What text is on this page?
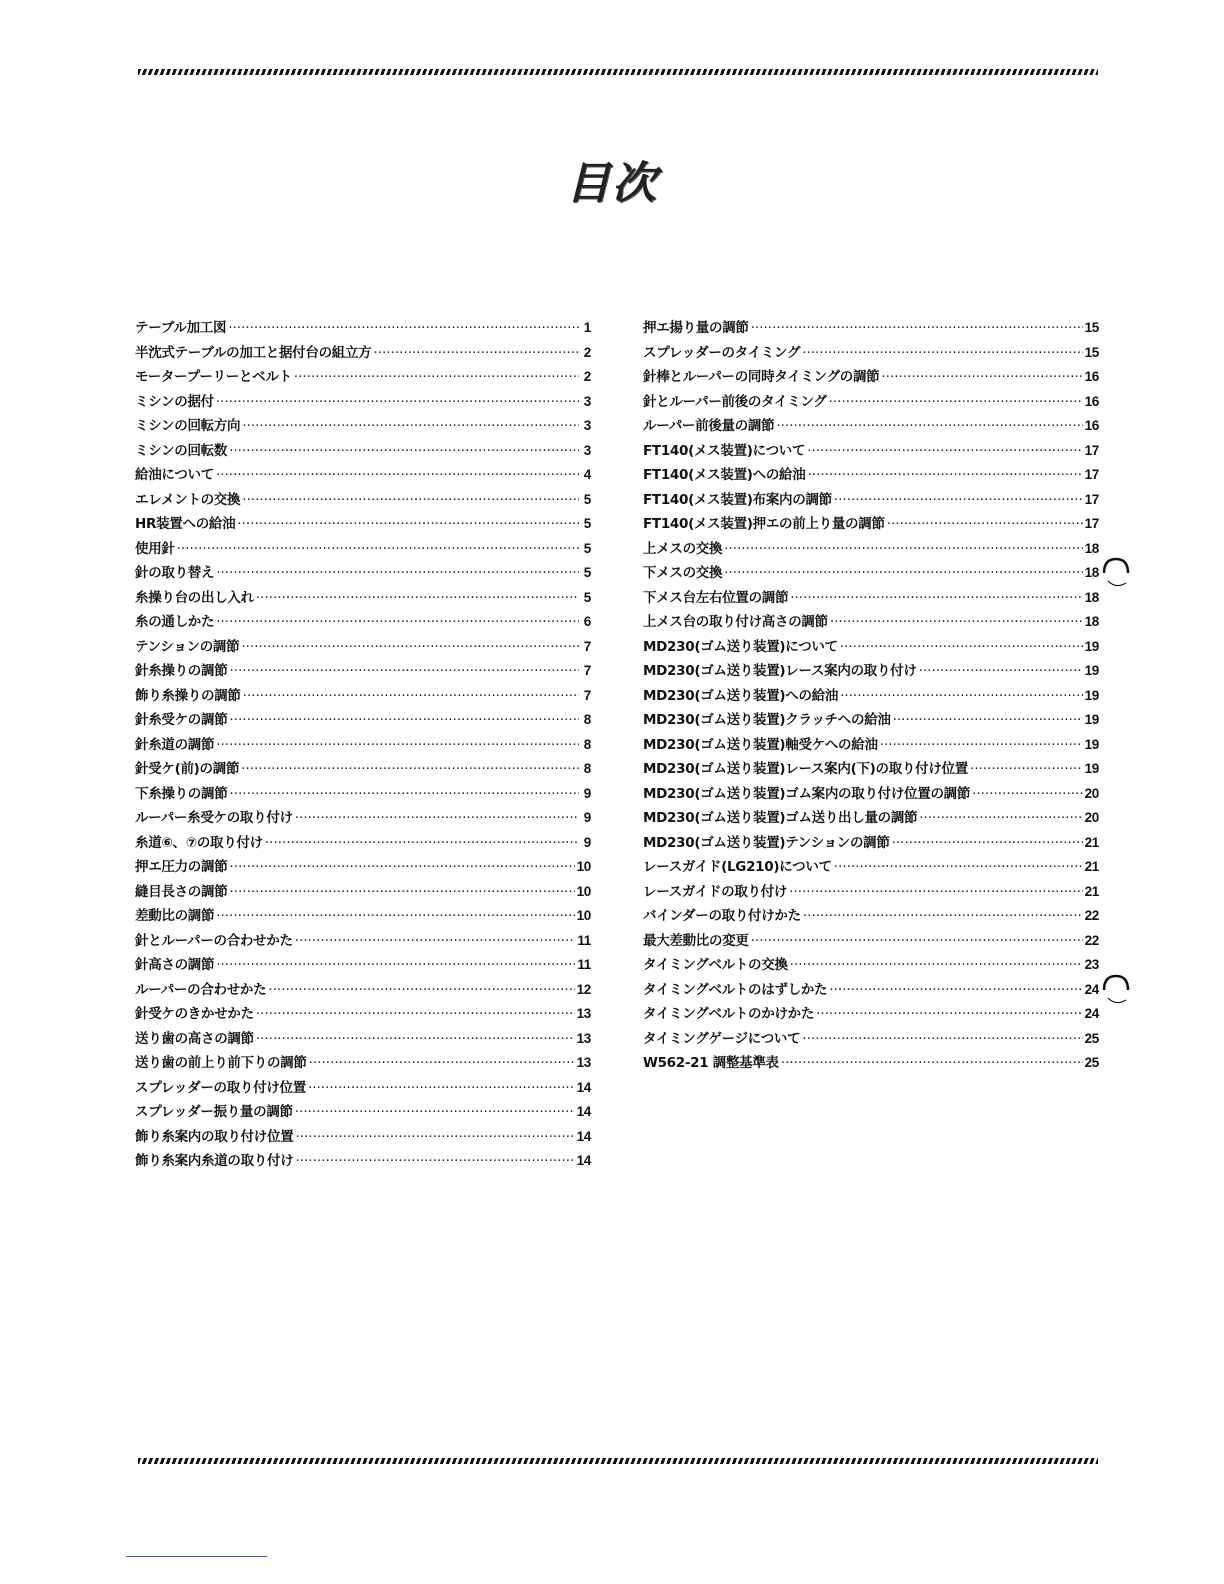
目次
テーブル加工図 ·····	1
半沈式テーブルの加工と据付台の組立方 ·····	2
モータープーリーとベルト ·····	2
ミシンの据付 ·····	3
ミシンの回転方向 ·····	3
ミシンの回転数 ·····	3
給油について ·····	4
エレメントの交換 ·····	5
HR装置への給油 ·····	5
使用針 ·····	5
針の取り替え ·····	5
糸操り台の出し入れ ·····	5
糸の通しかた ·····	6
テンションの調節 ·····	7
針糸操りの調節 ·····	7
飾り糸操りの調節 ·····	7
針糸受ケの調節 ·····	8
針糸道の調節 ·····	8
針受ケ(前)の調節 ·····	8
下糸操りの調節 ·····	9
ルーパー糸受ケの取り付け ·····	9
糸道⑥、⑦の取り付け ·····	9
押エ圧力の調節 ·····	10
縫目長さの調節 ·····	10
差動比の調節 ·····	10
針とルーパーの合わせかた ·····	11
針高さの調節 ·····	11
ルーパーの合わせかた ·····	12
針受ケのきかせかた ·····	13
送り歯の高さの調節 ·····	13
送り歯の前上り前下りの調節 ·····	13
スプレッダーの取り付け位置 ·····	14
スプレッダー振り量の調節 ·····	14
飾り糸案内の取り付け位置 ·····	14
飾り糸案内糸道の取り付け ·····	14
押エ揚り量の調節 ·····	15
スプレッダーのタイミング ·····	15
針棒とルーパーの同時タイミングの調節 ·····	16
針とルーパー前後のタイミング ·····	16
ルーパー前後量の調節 ·····	16
FT140(メス装置)について ·····	17
FT140(メス装置)への給油 ·····	17
FT140(メス装置)布案内の調節 ·····	17
FT140(メス装置)押エの前上り量の調節 ·····	17
上メスの交換 ·····	18
下メスの交換 ·····	18
下メス台左右位置の調節 ·····	18
上メス台の取り付け高さの調節 ·····	18
MD230(ゴム送り装置)について ·····	19
MD230(ゴム送り装置)レース案内の取り付け ·····	19
MD230(ゴム送り装置)への給油 ·····	19
MD230(ゴム送り装置)クラッチへの給油 ·····	19
MD230(ゴム送り装置)軸受ケへの給油 ·····	19
MD230(ゴム送り装置)レース案内(下)の取り付け位置 ·····	19
MD230(ゴム送り装置)ゴム案内の取り付け位置の調節 ·····	20
MD230(ゴム送り装置)ゴム送り出し量の調節 ·····	20
MD230(ゴム送り装置)テンションの調節 ·····	21
レースガイド(LG210)について ·····	21
レースガイドの取り付け ·····	21
バインダーの取り付けかた ·····	22
最大差動比の変更 ·····	22
タイミングベルトの交換 ·····	23
タイミングベルトのはずしかた ·····	24
タイミングベルトのかけかた ·····	24
タイミングゲージについて ·····	25
W562-21 調整基準表 ·····	25
